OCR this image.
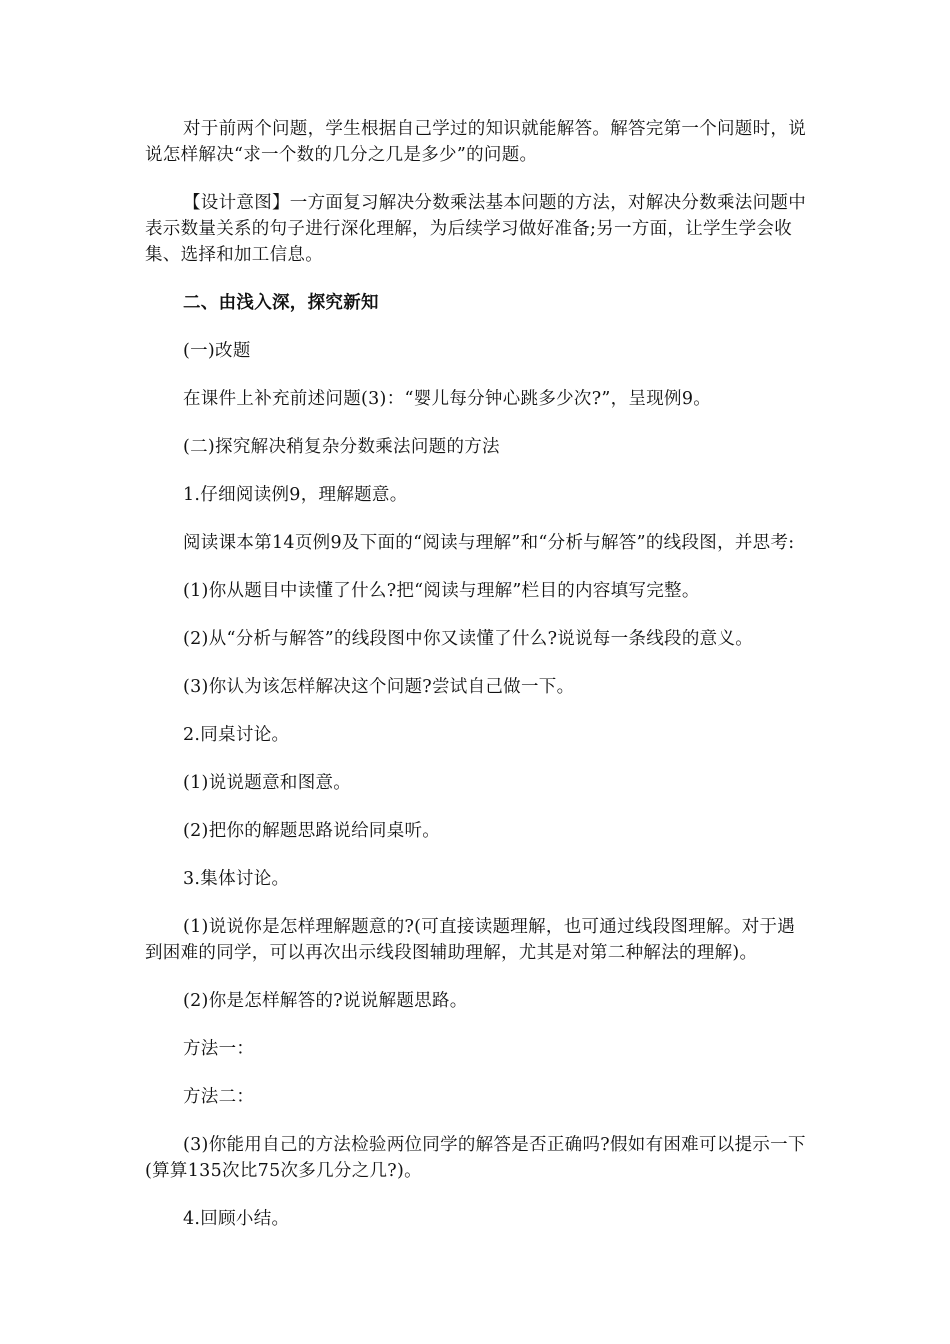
对于前两个问题，学生根据自己学过的知识就能解答。解答完第一个问题时，说说怎样解决“求一个数的几分之几是多少”的问题。

【设计意图】一方面复习解决分数乘法基本问题的方法，对解决分数乘法问题中表示数量关系的句子进行深化理解，为后续学习做好准备;另一方面，让学生学会收集、选择和加工信息。

二、由浅入深，探究新知

(一)改题

在课件上补充前述问题(3)：“婴儿每分钟心跳多少次?”，呈现例9。

(二)探究解决稍复杂分数乘法问题的方法

1.仔细阅读例9，理解题意。

阅读课本第14页例9及下面的“阅读与理解”和“分析与解答”的线段图，并思考:

(1)你从题目中读懂了什么?把“阅读与理解”栏目的内容填写完整。

(2)从“分析与解答”的线段图中你又读懂了什么?说说每一条线段的意义。

(3)你认为该怎样解决这个问题?尝试自己做一下。

2.同桌讨论。

(1)说说题意和图意。

(2)把你的解题思路说给同桌听。

3.集体讨论。

(1)说说你是怎样理解题意的?(可直接读题理解，也可通过线段图理解。对于遇到困难的同学，可以再次出示线段图辅助理解，尤其是对第二种解法的理解)。

(2)你是怎样解答的?说说解题思路。

方法一：

方法二：

(3)你能用自己的方法检验两位同学的解答是否正确吗?假如有困难可以提示一下(算算135次比75次多几分之几?)。

4.回顾小结。
